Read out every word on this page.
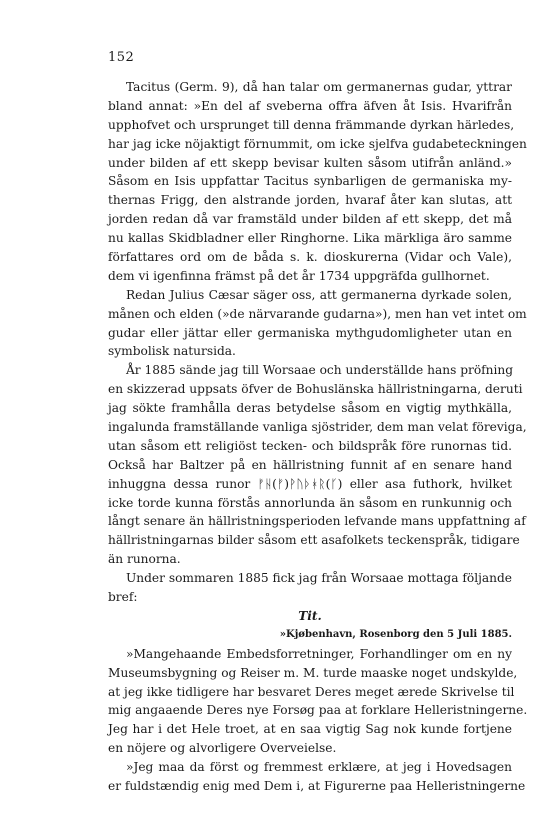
152
Tacitus (Germ. 9), då han talar om germanernas gudar, yttrar
bland annat: »En del af sveberna offra äfven åt Isis. Hvarifrån
upphofvet och ursprunget till denna främmande dyrkan härledes,
har jag icke nöjaktigt förnummit, om icke sjelfva gudabeteckningen
under bilden af ett skepp bevisar kulten såsom utifrån anländ.»
Såsom en Isis uppfattar Tacitus synbarligen de germaniska my-
thernas Frigg, den alstrande jorden, hvaraf åter kan slutas, att
jorden redan då var framstäld under bilden af ett skepp, det må
nu kallas Skidbladner eller Ringhorne. Lika märkliga äro samme
författares ord om de båda s. k. dioskurerna (Vidar och Vale),
dem vi igenfinna främst på det år 1734 uppgräfda gullhornet.
Redan Julius Cæsar säger oss, att germanerna dyrkade solen,
månen och elden (»de närvarande gudarna»), men han vet intet om
gudar eller jättar eller germaniska mythgudomligheter utan en
symbolisk natursida.
År 1885 sände jag till Worsaae och underställde hans pröfning
en skizzerad uppsats öfver de Bohuslänska hällristningarna, deruti
jag sökte framhålla deras betydelse såsom en vigtig mythkälla,
ingalunda framställande vanliga sjöstrider, dem man velat föreviga,
utan såsom ett religiöst tecken- och bildspråk före runornas tid.
Också har Baltzer på en hällristning funnit af en senare hand
inhuggna dessa runor ᚠᚺ(ᚠ)ᚹᚢᚦᚼᚱ(ᚴ) eller asa futhork, hvilket
icke torde kunna förstås annorlunda än såsom en runkunnig och
långt senare än hällristningsperioden lefvande mans uppfattning af
hällristningarnas bilder såsom ett asafolkets teckenspråk, tidigare
än runorna.
Under sommaren 1885 fick jag från Worsaae mottaga följande
bref:
Tit.
»Kjøbenhavn, Rosenborg den 5 Juli 1885.
»Mangehaande Embedsforretninger, Forhandlinger om en ny
Museumsbygning og Reiser m. M. turde maaske noget undskylde,
at jeg ikke tidligere har besvaret Deres meget ærede Skrivelse til
mig angaaende Deres nye Forsøg paa at forklare Helleristningerne.
Jeg har i det Hele troet, at en saa vigtig Sag nok kunde fortjene
en nöjere og alvorligere Overveielse.
»Jeg maa da först og fremmest erklære, at jeg i Hovedsagen
er fuldstændig enig med Dem i, at Figurerne paa Helleristningerne
